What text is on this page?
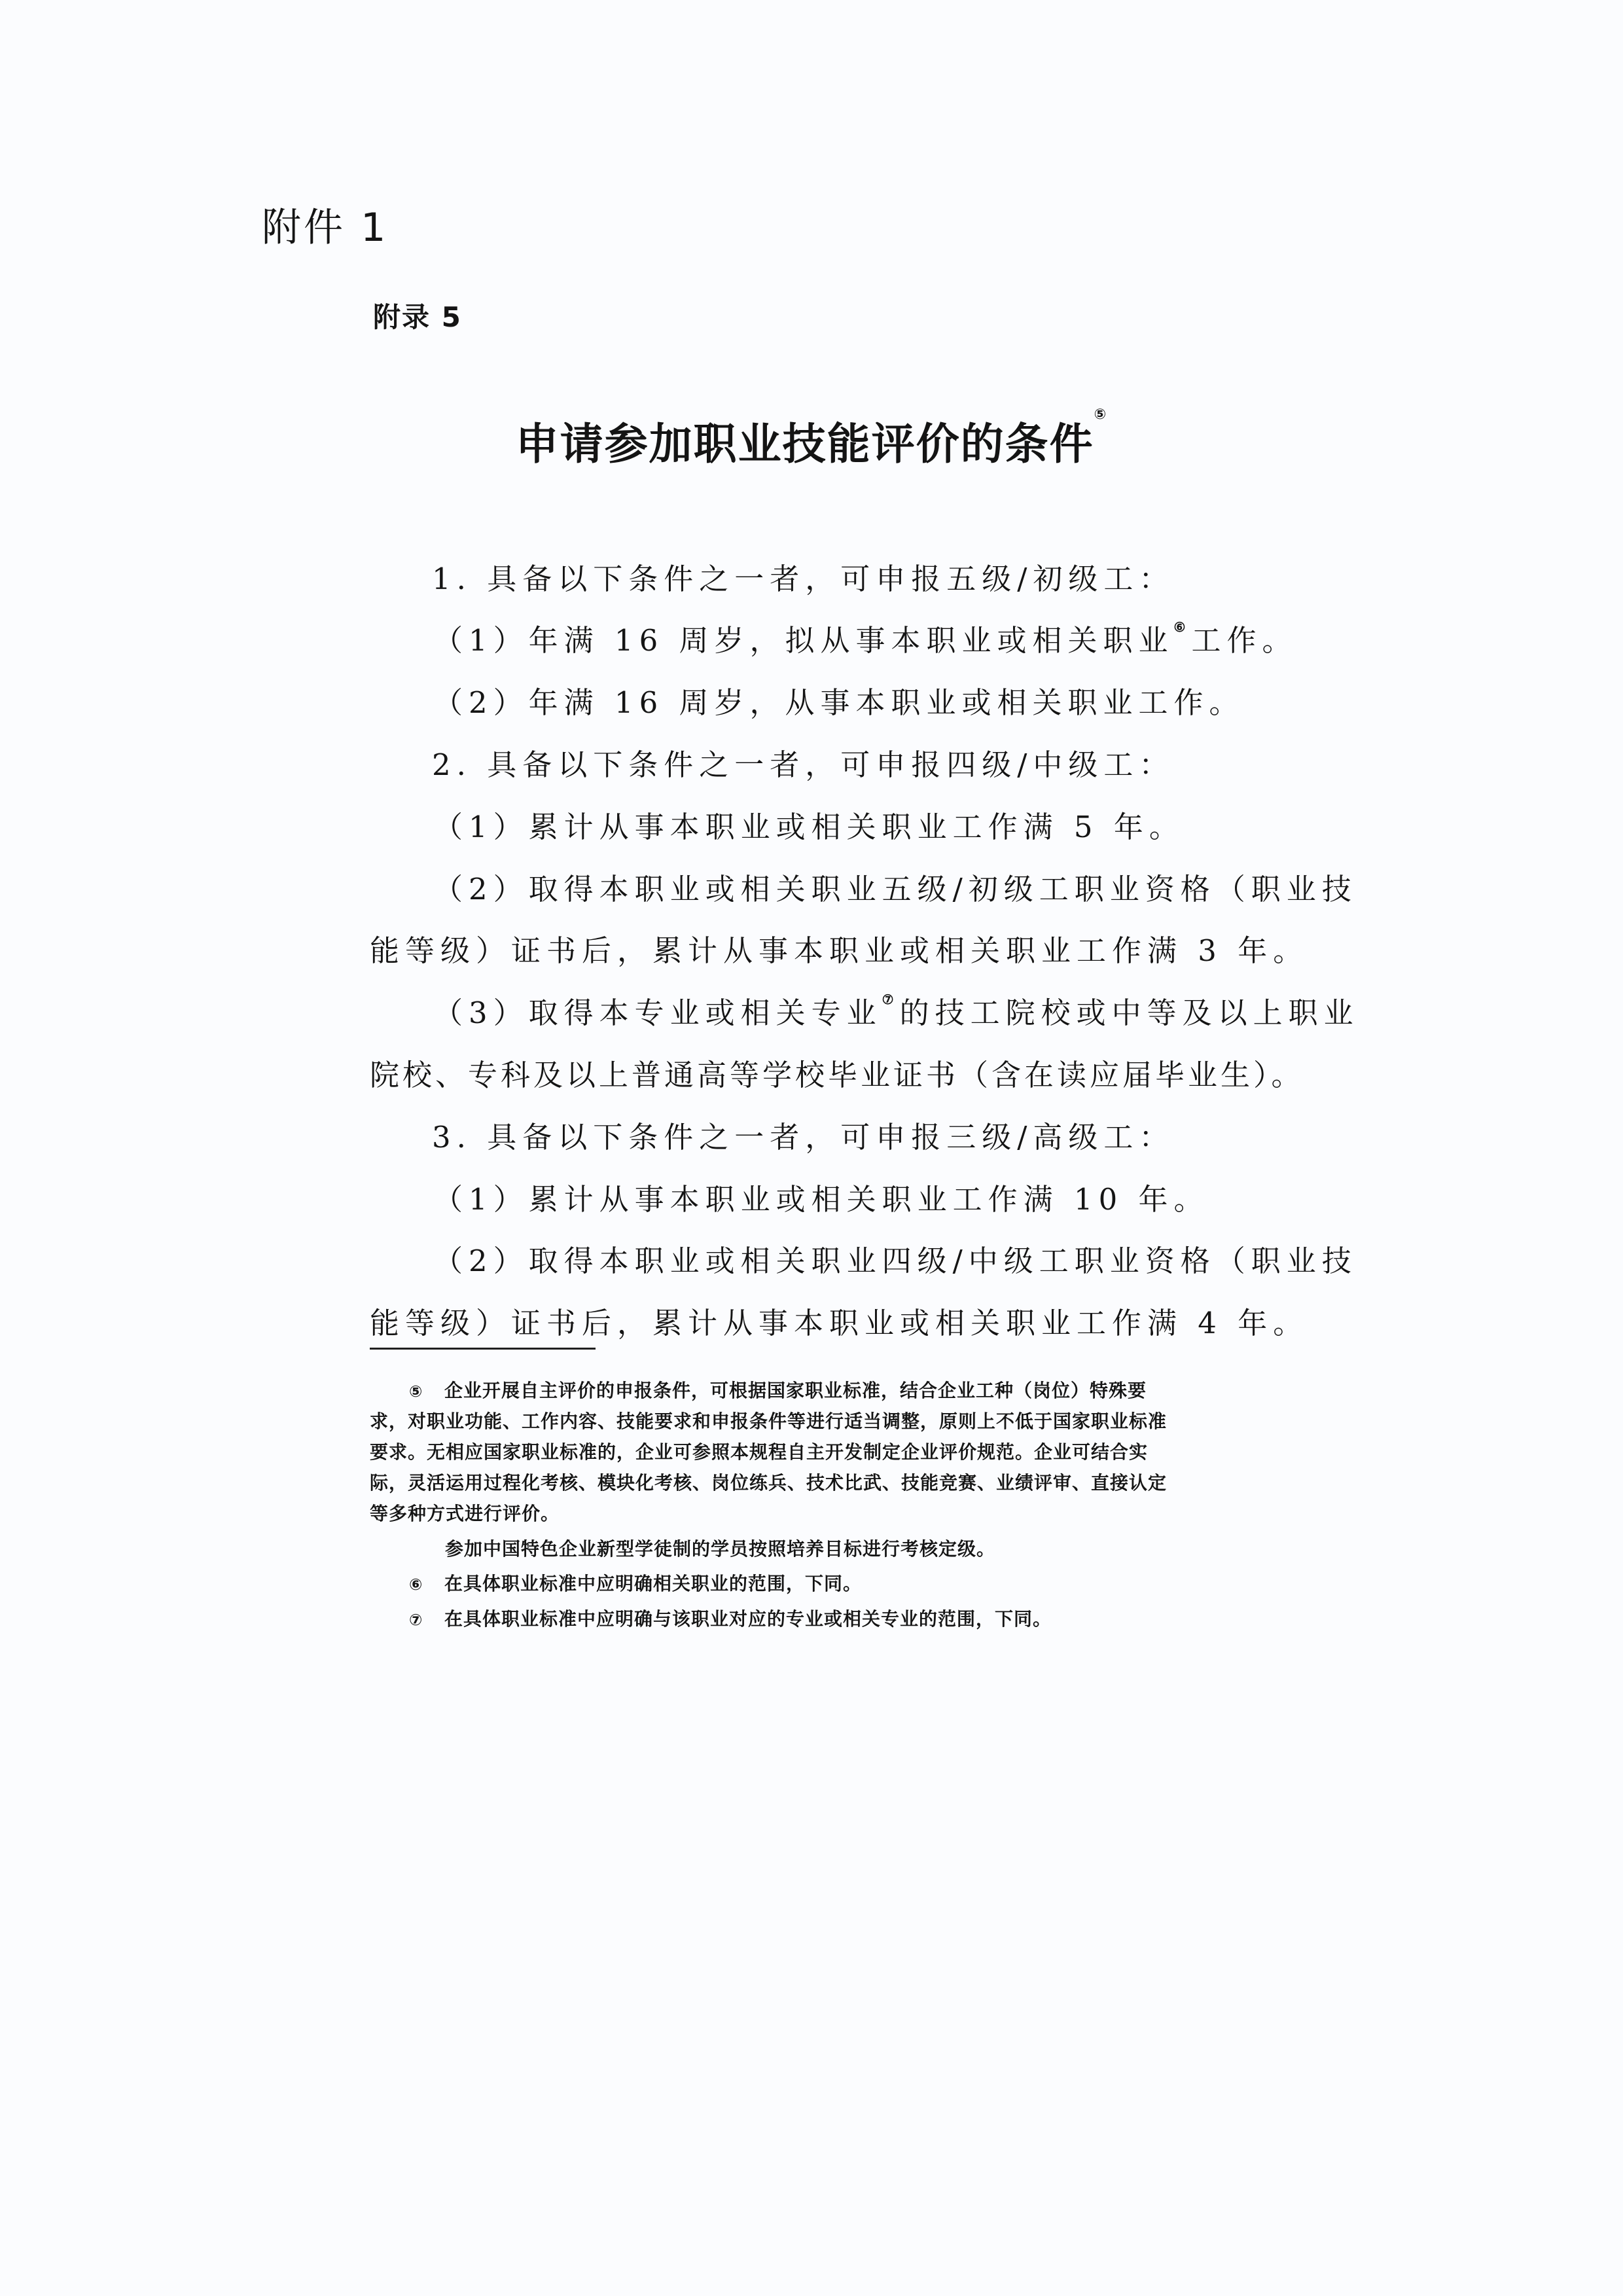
附件 1

附录 5

申请参加职业技能评价的条件⑤

1. 具备以下条件之一者，可申报五级/初级工：

（1）年满 16 周岁，拟从事本职业或相关职业⑥工作。

（2）年满 16 周岁，从事本职业或相关职业工作。

2. 具备以下条件之一者，可申报四级/中级工：

（1）累计从事本职业或相关职业工作满 5 年。

（2）取得本职业或相关职业五级/初级工职业资格（职业技

能等级）证书后，累计从事本职业或相关职业工作满 3 年。

（3）取得本专业或相关专业⑦的技工院校或中等及以上职业

院校、专科及以上普通高等学校毕业证书（含在读应届毕业生）。

3. 具备以下条件之一者，可申报三级/高级工：

（1）累计从事本职业或相关职业工作满 10 年。

（2）取得本职业或相关职业四级/中级工职业资格（职业技

能等级）证书后，累计从事本职业或相关职业工作满 4 年。

⑤ 企业开展自主评价的申报条件，可根据国家职业标准，结合企业工种（岗位）特殊要

求，对职业功能、工作内容、技能要求和申报条件等进行适当调整，原则上不低于国家职业标准

要求。无相应国家职业标准的，企业可参照本规程自主开发制定企业评价规范。企业可结合实

际，灵活运用过程化考核、模块化考核、岗位练兵、技术比武、技能竞赛、业绩评审、直接认定

等多种方式进行评价。

参加中国特色企业新型学徒制的学员按照培养目标进行考核定级。

⑥ 在具体职业标准中应明确相关职业的范围，下同。

⑦ 在具体职业标准中应明确与该职业对应的专业或相关专业的范围，下同。
